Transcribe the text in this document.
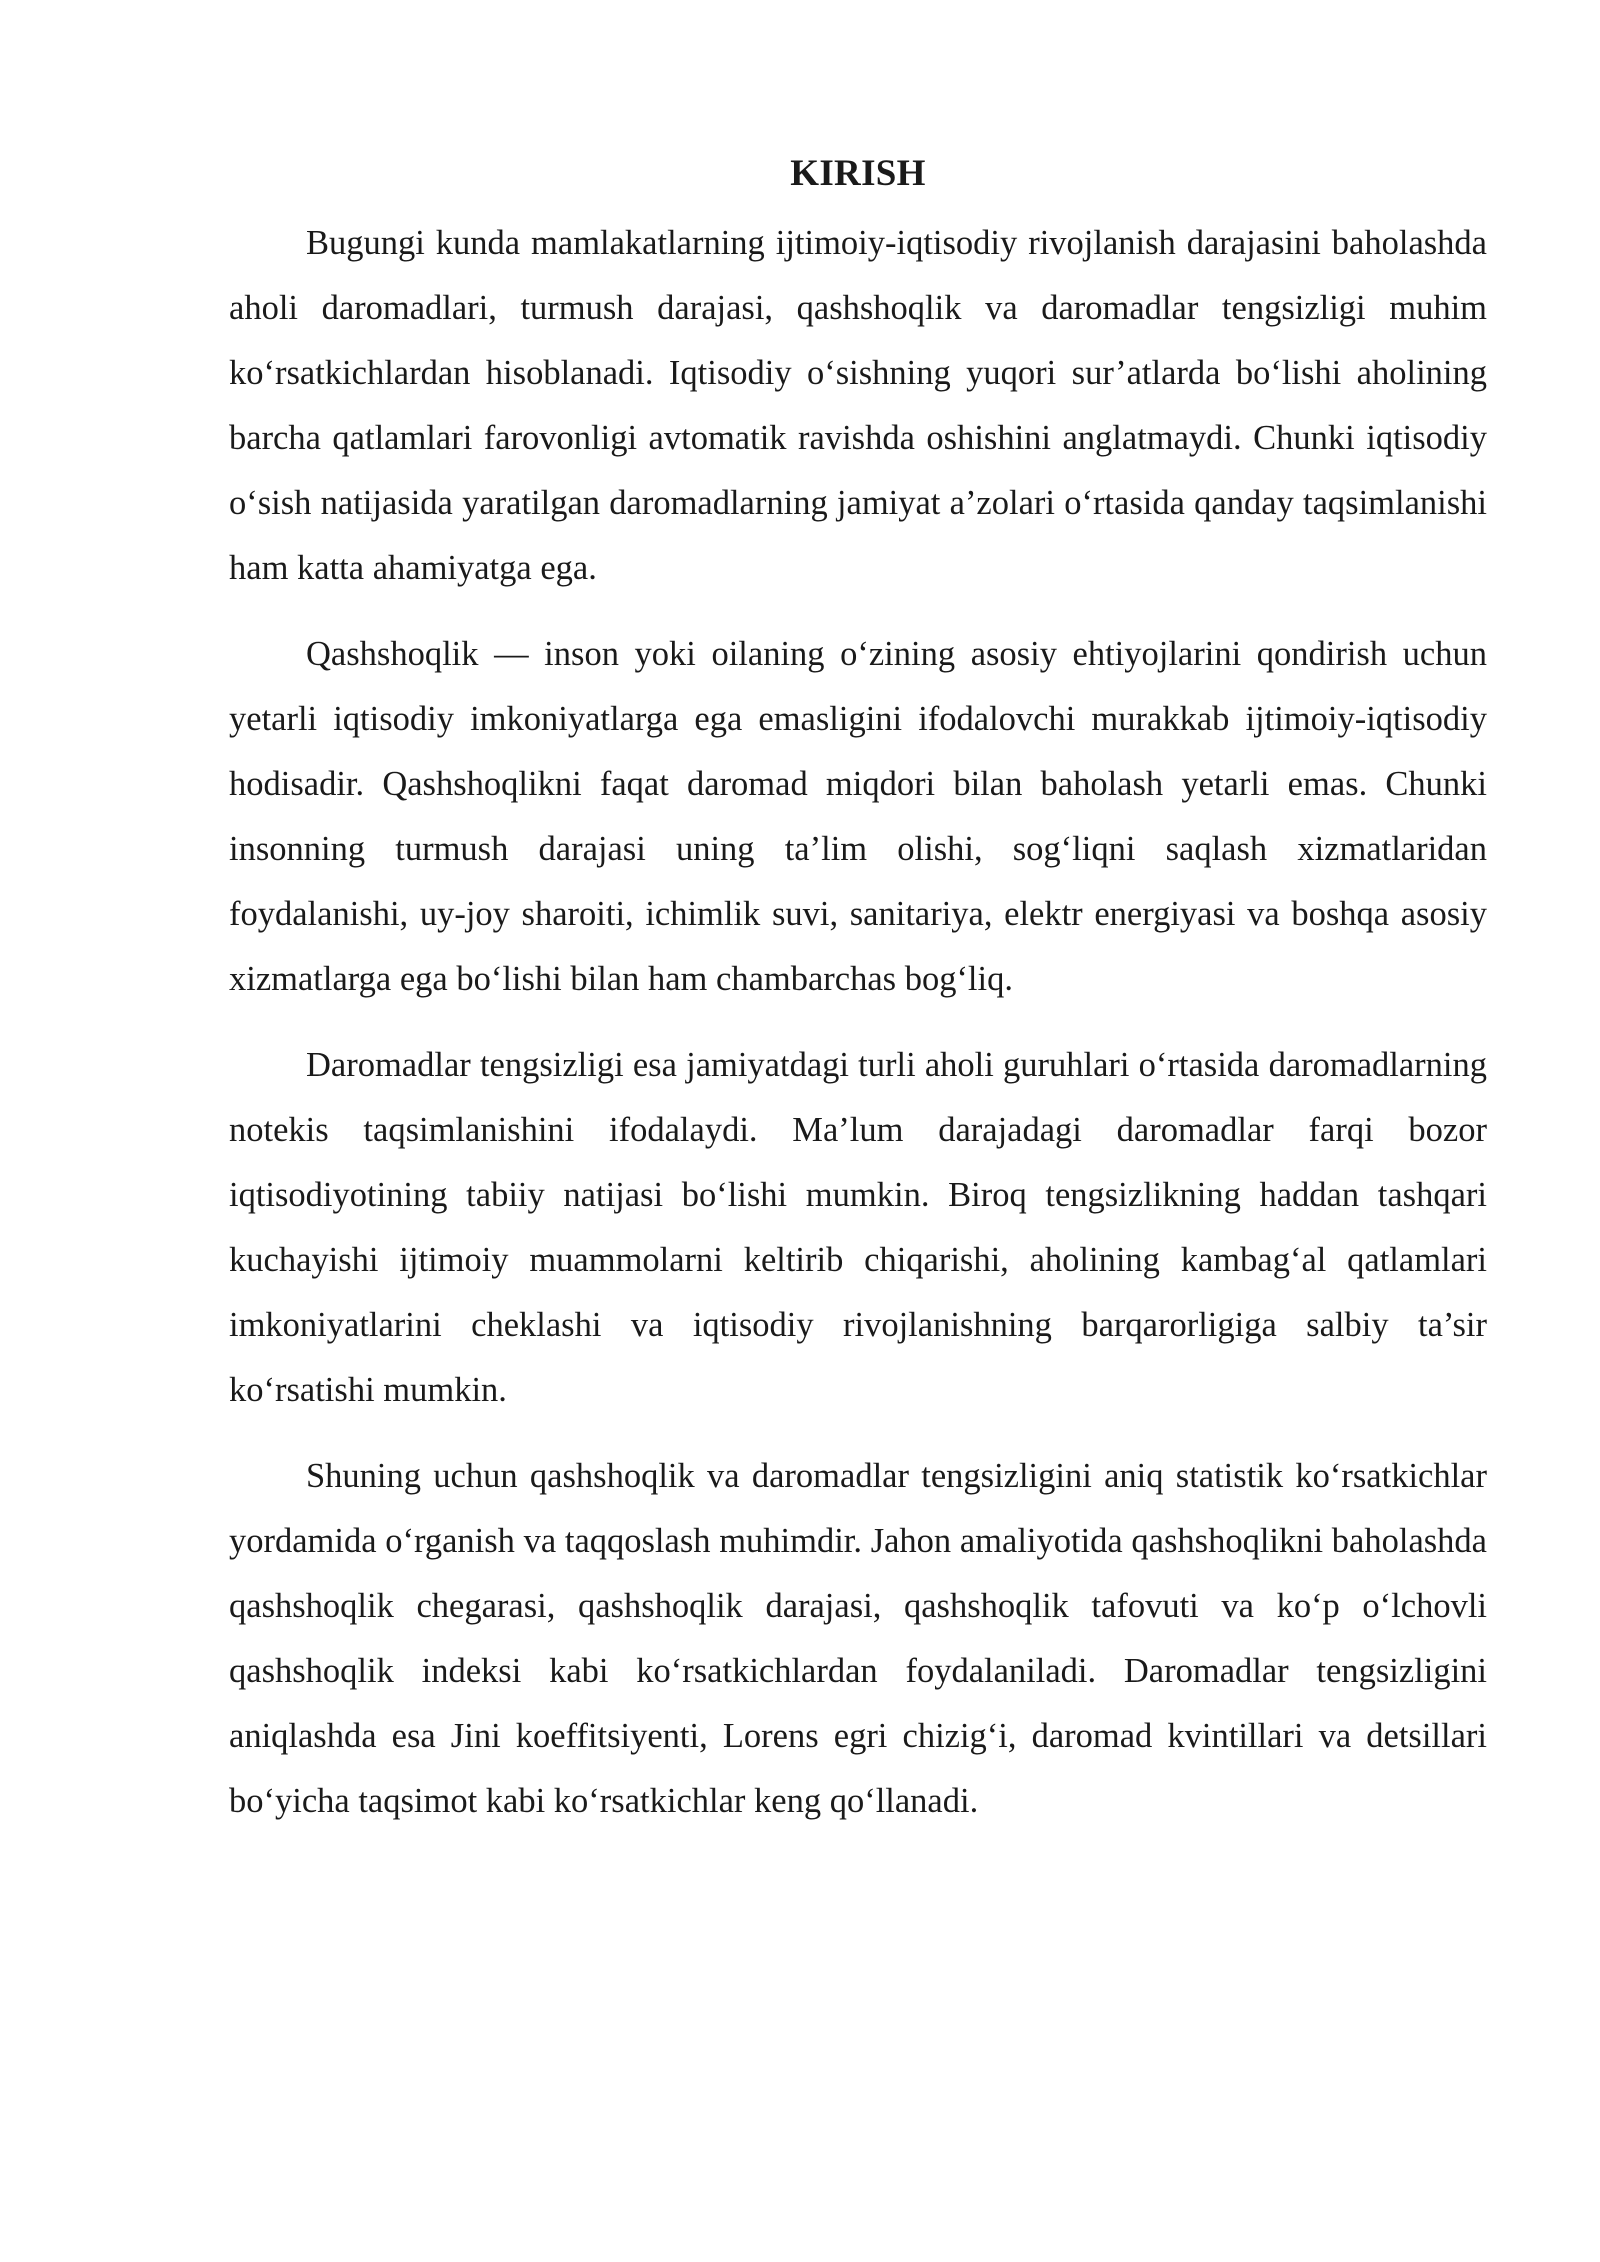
KIRISH

Bugungi kunda mamlakatlarning ijtimoiy-iqtisodiy rivojlanish darajasini baholashda aholi daromadlari, turmush darajasi, qashshoqlik va daromadlar tengsizligi muhim ko‘rsatkichlardan hisoblanadi. Iqtisodiy o‘sishning yuqori sur’atlarda bo‘lishi aholining barcha qatlamlari farovonligi avtomatik ravishda oshishini anglatmaydi. Chunki iqtisodiy o‘sish natijasida yaratilgan daromadlarning jamiyat a’zolari o‘rtasida qanday taqsimlanishi ham katta ahamiyatga ega.

Qashshoqlik — inson yoki oilaning o‘zining asosiy ehtiyojlarini qondirish uchun yetarli iqtisodiy imkoniyatlarga ega emasligini ifodalovchi murakkab ijtimoiy-iqtisodiy hodisadir. Qashshoqlikni faqat daromad miqdori bilan baholash yetarli emas. Chunki insonning turmush darajasi uning ta’lim olishi, sog‘liqni saqlash xizmatlaridan foydalanishi, uy-joy sharoiti, ichimlik suvi, sanitariya, elektr energiyasi va boshqa asosiy xizmatlarga ega bo‘lishi bilan ham chambarchas bog‘liq.

Daromadlar tengsizligi esa jamiyatdagi turli aholi guruhlari o‘rtasida daromadlarning notekis taqsimlanishini ifodalaydi. Ma’lum darajadagi daromadlar farqi bozor iqtisodiyotining tabiiy natijasi bo‘lishi mumkin. Biroq tengsizlikning haddan tashqari kuchayishi ijtimoiy muammolarni keltirib chiqarishi, aholining kambag‘al qatlamlari imkoniyatlarini cheklashi va iqtisodiy rivojlanishning barqarorligiga salbiy ta’sir ko‘rsatishi mumkin.

Shuning uchun qashshoqlik va daromadlar tengsizligini aniq statistik ko‘rsatkichlar yordamida o‘rganish va taqqoslash muhimdir. Jahon amaliyotida qashshoqlikni baholashda qashshoqlik chegarasi, qashshoqlik darajasi, qashshoqlik tafovuti va ko‘p o‘lchovli qashshoqlik indeksi kabi ko‘rsatkichlardan foydalaniladi. Daromadlar tengsizligini aniqlashda esa Jini koeffitsiyenti, Lorens egri chizig‘i, daromad kvintillari va detsillari bo‘yicha taqsimot kabi ko‘rsatkichlar keng qo‘llanadi.
